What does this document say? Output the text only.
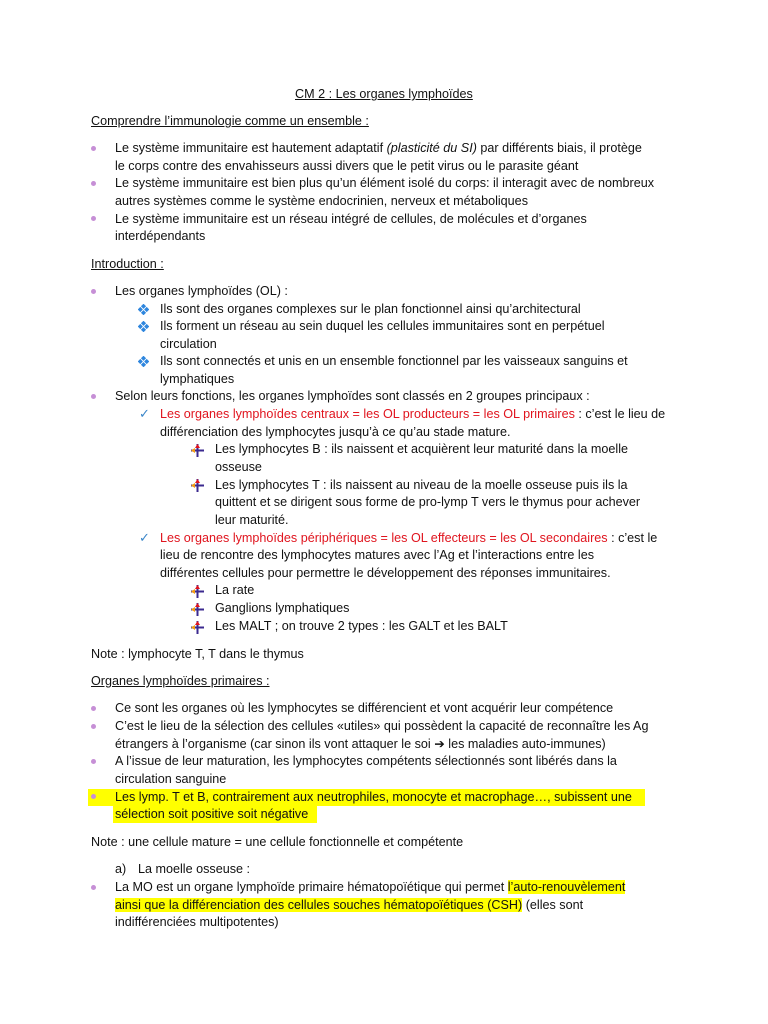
CM 2 : Les organes lymphoïdes
Comprendre l’immunologie comme un ensemble :
Le système immunitaire est hautement adaptatif (plasticité du SI) par différents biais, il protège
le corps contre des envahisseurs aussi divers que le petit virus ou le parasite géant
Le système immunitaire est bien plus qu’un élément isolé du corps: il interagit avec de nombreux
autres systèmes comme le système endocrinien, nerveux et métaboliques
Le système immunitaire est un réseau intégré de cellules, de molécules et d’organes
interdépendants
Introduction :
Les organes lymphoïdes (OL) :
Ils sont des organes complexes sur le plan fonctionnel ainsi qu’architectural
Ils forment un réseau au sein duquel les cellules immunitaires sont en perpétuel
circulation
Ils sont connectés et unis en un ensemble fonctionnel par les vaisseaux sanguins et
lymphatiques
Selon leurs fonctions, les organes lymphoïdes sont classés en 2 groupes principaux :
✓ Les organes lymphoïdes centraux = les OL producteurs = les OL primaires : c’est le lieu de
différenciation des lymphocytes jusqu’à ce qu’au stade mature.
Les lymphocytes B : ils naissent et acquièrent leur maturité dans la moelle
osseuse
Les lymphocytes T : ils naissent au niveau de la moelle osseuse puis ils la
quittent et se dirigent sous forme de pro-lymp T vers le thymus pour achever
leur maturité.
✓ Les organes lymphoïdes périphériques = les OL effecteurs = les OL secondaires : c’est le
lieu de rencontre des lymphocytes matures avec l’Ag et l’interactions entre les
différentes cellules pour permettre le développement des réponses immunitaires.
La rate
Ganglions lymphatiques
Les MALT ; on trouve 2 types : les GALT et les BALT
Note : lymphocyte T, T dans le thymus
Organes lymphoïdes primaires :
Ce sont les organes où les lymphocytes se différencient et vont acquérir leur compétence
C’est le lieu de la sélection des cellules «utiles» qui possèdent la capacité de reconnaître les Ag
étrangers à l’organisme (car sinon ils vont attaquer le soi ➔ les maladies auto-immunes)
A l’issue de leur maturation, les lymphocytes compétents sélectionnés sont libérés dans la
circulation sanguine
Les lymp. T et B, contrairement aux neutrophiles, monocyte et macrophage…, subissent une
sélection soit positive soit négative
Note : une cellule mature = une cellule fonctionnelle et compétente
a) La moelle osseuse :
La MO est un organe lymphoïde primaire hématopoïétique qui permet l’auto-renouvèlement
ainsi que la différenciation des cellules souches hématopoïétiques (CSH) (elles sont
indifférenciées multipotentes)
